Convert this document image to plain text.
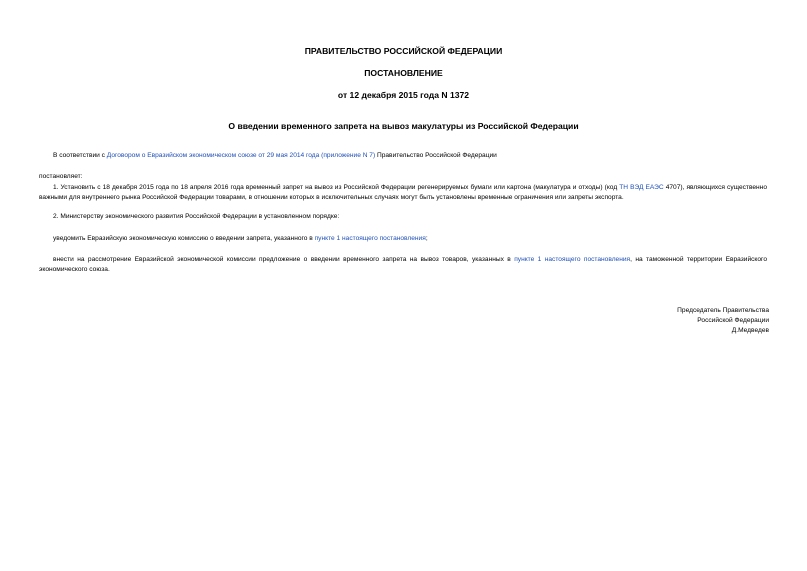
ПРАВИТЕЛЬСТВО РОССИЙСКОЙ ФЕДЕРАЦИИ
ПОСТАНОВЛЕНИЕ
от 12 декабря 2015 года N 1372
О введении временного запрета на вывоз макулатуры из Российской Федерации

В соответствии с Договором о Евразийском экономическом союзе от 29 мая 2014 года (приложение N 7) Правительство Российской Федерации

постановляет:

1. Установить с 18 декабря 2015 года по 18 апреля 2016 года временный запрет на вывоз из Российской Федерации регенерируемых бумаги или картона (макулатура и отходы) (код ТН ВЭД ЕАЭС 4707), являющихся существенно важными для внутреннего рынка Российской Федерации товарами, в отношении которых в исключительных случаях могут быть установлены временные ограничения или запреты экспорта.

2. Министерству экономического развития Российской Федерации в установленном порядке:

уведомить Евразийскую экономическую комиссию о введении запрета, указанного в пункте 1 настоящего постановления;

внести на рассмотрение Евразийской экономической комиссии предложение о введении временного запрета на вывоз товаров, указанных в пункте 1 настоящего постановления, на таможенной территории Евразийского экономического союза.

Председатель Правительства
Российской Федерации
Д.Медведев
